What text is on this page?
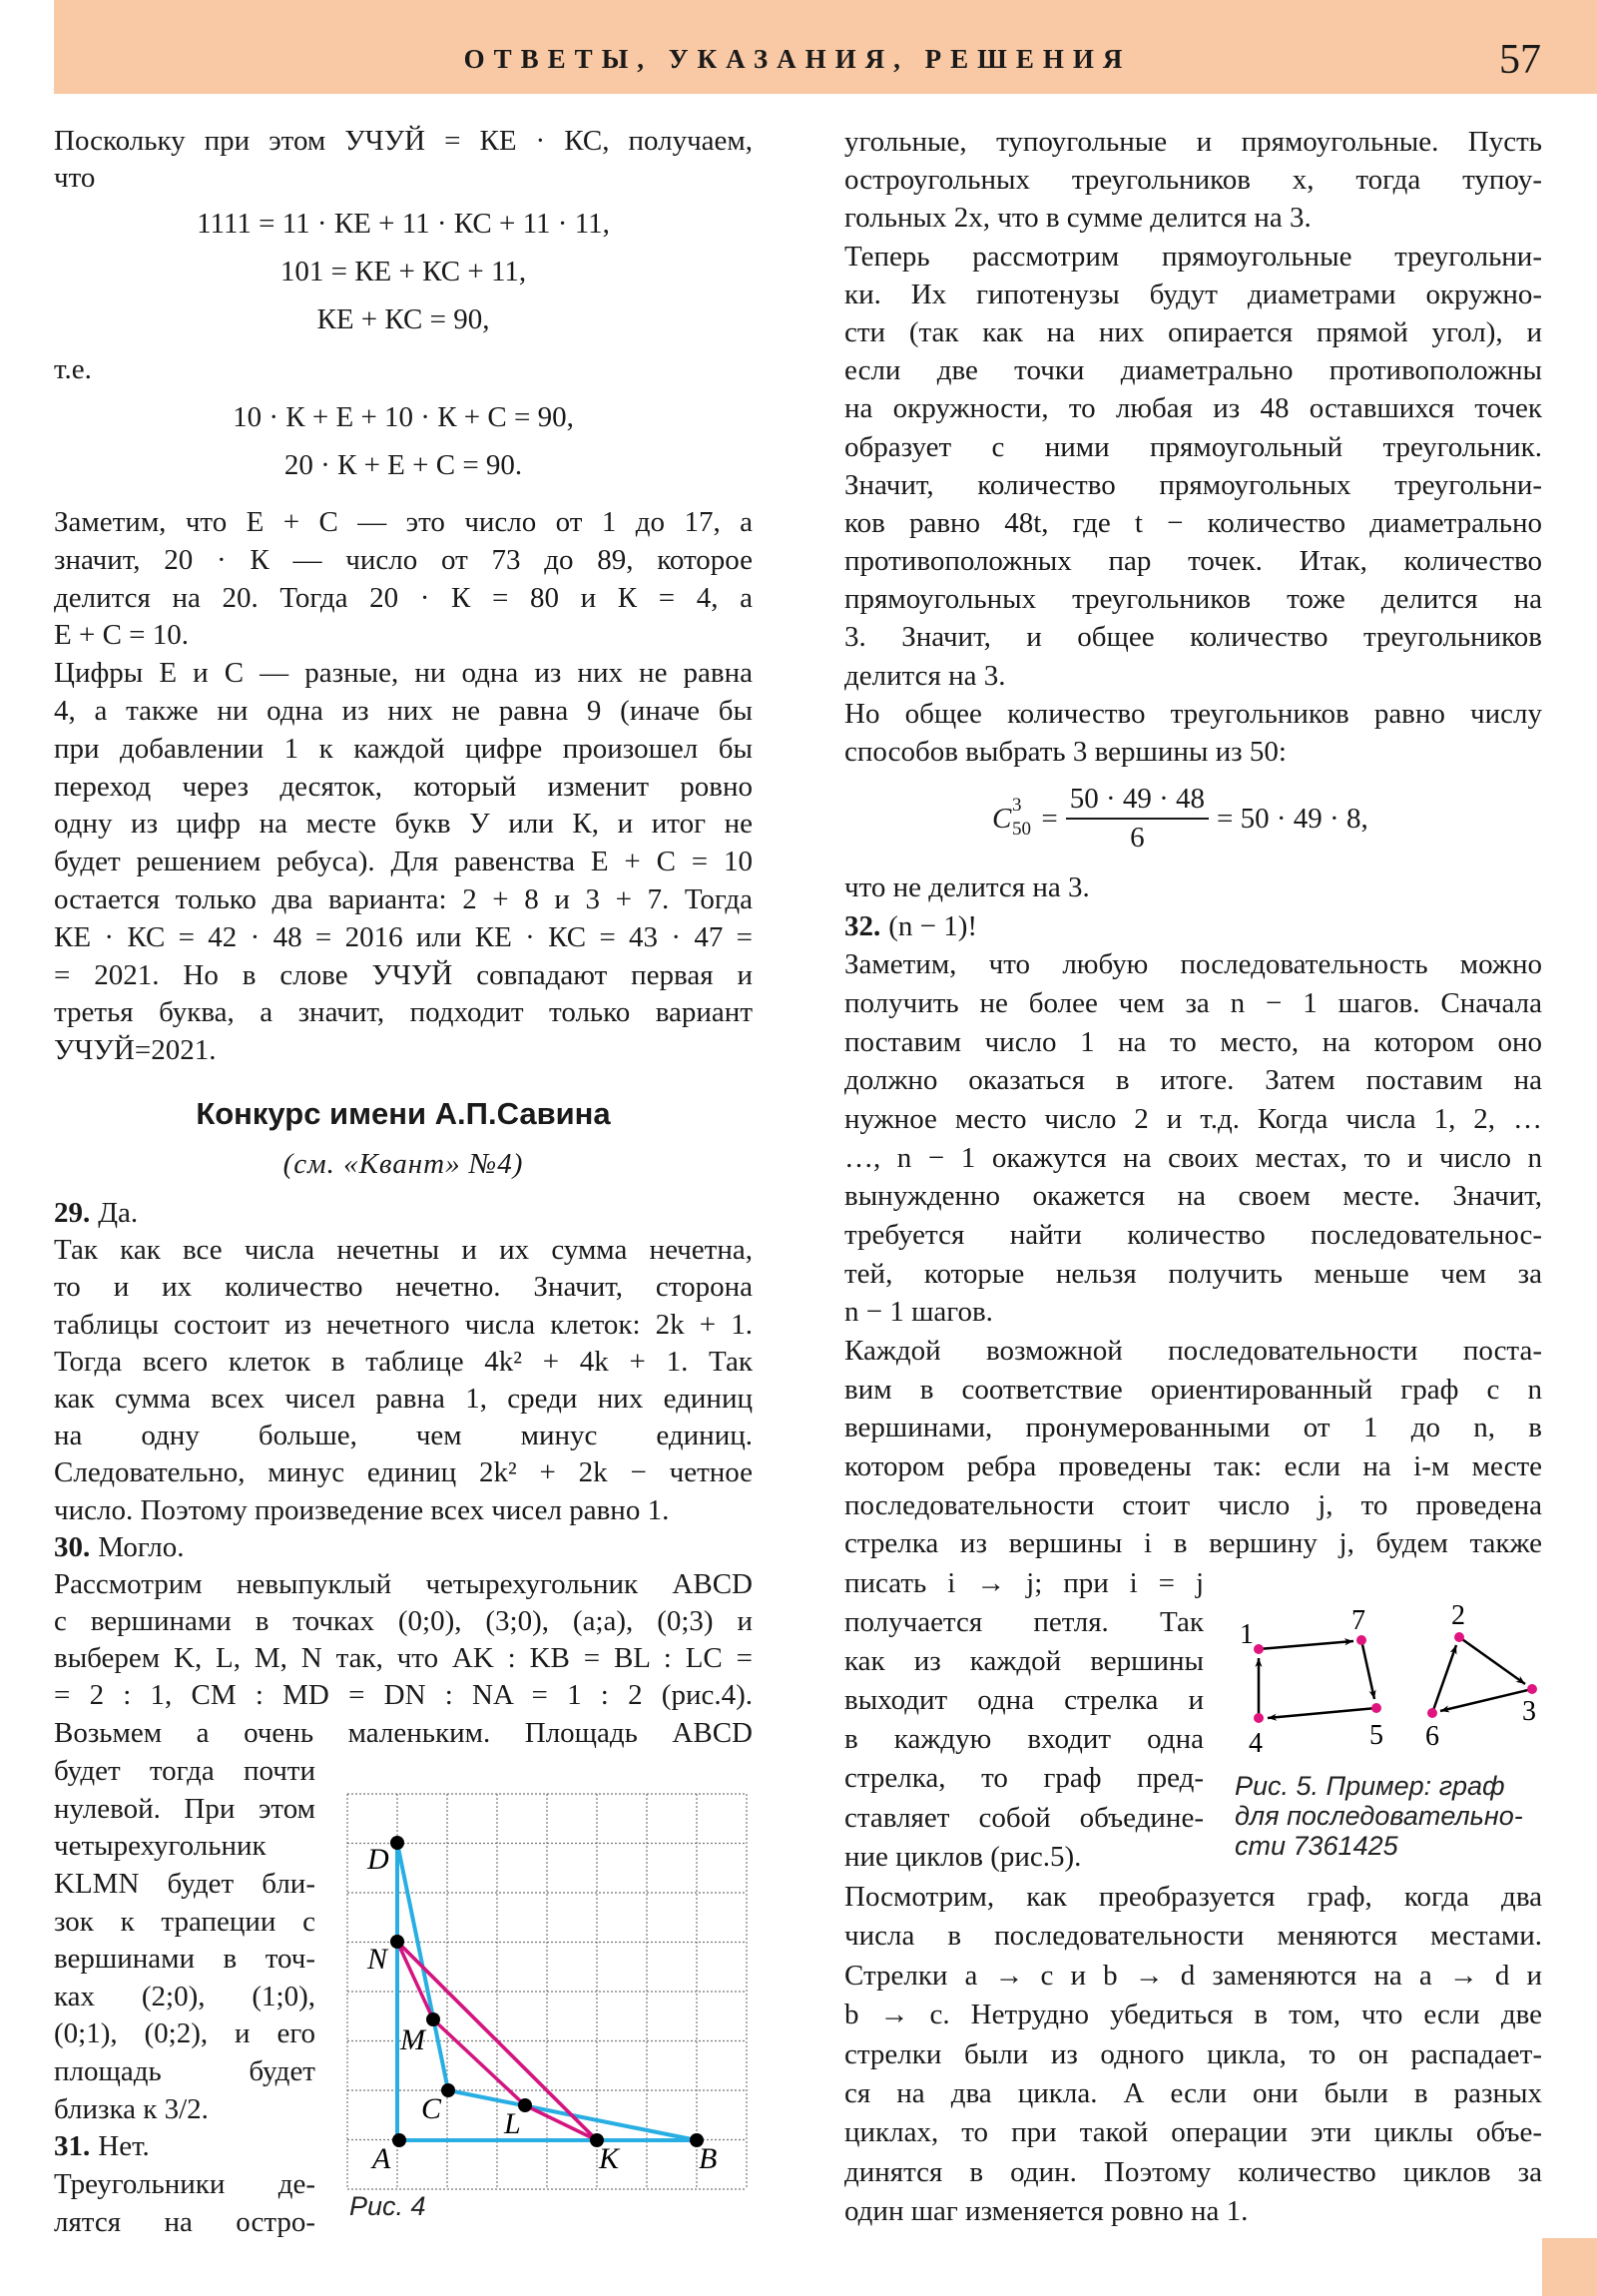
ОТВЕТЫ, УКАЗАНИЯ, РЕШЕНИЯ	57
Поскольку при этом УЧУЙ = КЕ · КС, получаем,
что
1111 = 11 · КЕ + 11 · КС + 11 · 11,
101 = КЕ + КС + 11,
КЕ + КС = 90,
т.е.
10 · К + Е + 10 · К + С = 90,
20 · К + Е + С = 90.
Заметим, что Е + С — это число от 1 до 17, а
значит, 20 · К — число от 73 до 89, которое
делится на 20. Тогда 20 · К = 80 и К = 4, а
Е + С = 10.
Цифры Е и С — разные, ни одна из них не равна
4, а также ни одна из них не равна 9 (иначе бы
при добавлении 1 к каждой цифре произошел бы
переход через десяток, который изменит ровно
одну из цифр на месте букв У или К, и итог не
будет решением ребуса). Для равенства Е + С = 10
остается только два варианта: 2 + 8 и 3 + 7. Тогда
КЕ · КС = 42 · 48 = 2016 или КЕ · КС = 43 · 47 =
= 2021. Но в слове УЧУЙ совпадают первая и
третья буква, а значит, подходит только вариант
УЧУЙ=2021.
Конкурс имени А.П.Савина
(см. «Квант» №4)
29. Да.
Так как все числа нечетны и их сумма нечетна,
то и их количество нечетно. Значит, сторона
таблицы состоит из нечетного числа клеток: 2k + 1.
Тогда всего клеток в таблице 4k² + 4k + 1. Так
как сумма всех чисел равна 1, среди них единиц
на одну больше, чем минус единиц.
Следовательно, минус единиц 2k² + 2k − четное
число. Поэтому произведение всех чисел равно 1.
30. Могло.
Рассмотрим невыпуклый четырехугольник ABCD
с вершинами в точках (0;0), (3;0), (a;a), (0;3) и
выберем K, L, M, N так, что AK : KB = BL : LC =
= 2 : 1, CM : MD = DN : NA = 1 : 2 (рис.4).
Возьмем a очень маленьким. Площадь ABCD
будет тогда почти
нулевой. При этом
четырехугольник
KLMN будет бли-
зок к трапеции с
вершинами в точ-
ках (2;0), (1;0),
(0;1), (0;2), и его
площадь будет
близка к 3/2.
31. Нет.
Треугольники де-
лятся на остро-
A	B
C
D
K
L
M
N
Рис. 4
угольные, тупоугольные и прямоугольные. Пусть
остроугольных треугольников x, тогда тупоу-
гольных 2x, что в сумме делится на 3.
Теперь рассмотрим прямоугольные треугольни-
ки. Их гипотенузы будут диаметрами окружно-
сти (так как на них опирается прямой угол), и
если две точки диаметрально противоположны
на окружности, то любая из 48 оставшихся точек
образует с ними прямоугольный треугольник.
Значит, количество прямоугольных треугольни-
ков равно 48t, где t − количество диаметрально
противоположных пар точек. Итак, количество
прямоугольных треугольников тоже делится на
3. Значит, и общее количество треугольников
делится на 3.
Но общее количество треугольников равно числу
способов выбрать 3 вершины из 50:
C 3
$50 = \frac{50 \cdot 49 \cdot 48}{6} = 50 \cdot 49 \cdot 8$,
что не делится на 3.
32. (n − 1)!
Заметим, что любую последовательность можно
получить не более чем за n − 1 шагов. Сначала
поставим число 1 на то место, на котором оно
должно оказаться в итоге. Затем поставим на
нужное место число 2 и т.д. Когда числа 1, 2, …
…, n − 1 окажутся на своих местах, то и число n
вынужденно окажется на своем месте. Значит,
требуется найти количество последовательнос-
тей, которые нельзя получить меньше чем за
n − 1 шагов.
Каждой возможной последовательности поста-
вим в соответствие ориентированный граф с n
вершинами, пронумерованными от 1 до n, в
котором ребра проведены так: если на i-м месте
последовательности стоит число j, то проведена
стрелка из вершины i в вершину j, будем также
писать i → j; при i = j
получается петля. Так
как из каждой вершины
выходит одна стрелка и
в каждую входит одна
стрелка, то граф пред-
ставляет собой объедине-
ние циклов (рис.5).
Посмотрим, как преобразуется граф, когда два
числа в последовательности меняются местами.
Стрелки a → c и b → d заменяются на a → d и
b → c. Нетрудно убедиться в том, что если две
стрелки были из одного цикла, то он распадает-
ся на два цикла. А если они были в разных
циклах, то при такой операции эти циклы объе-
динятся в один. Поэтому количество циклов за
один шаг изменяется ровно на 1.
1	7
5
4
2
3
6
Рис. 5. Пример: граф
для последовательно-
сти 7361425
